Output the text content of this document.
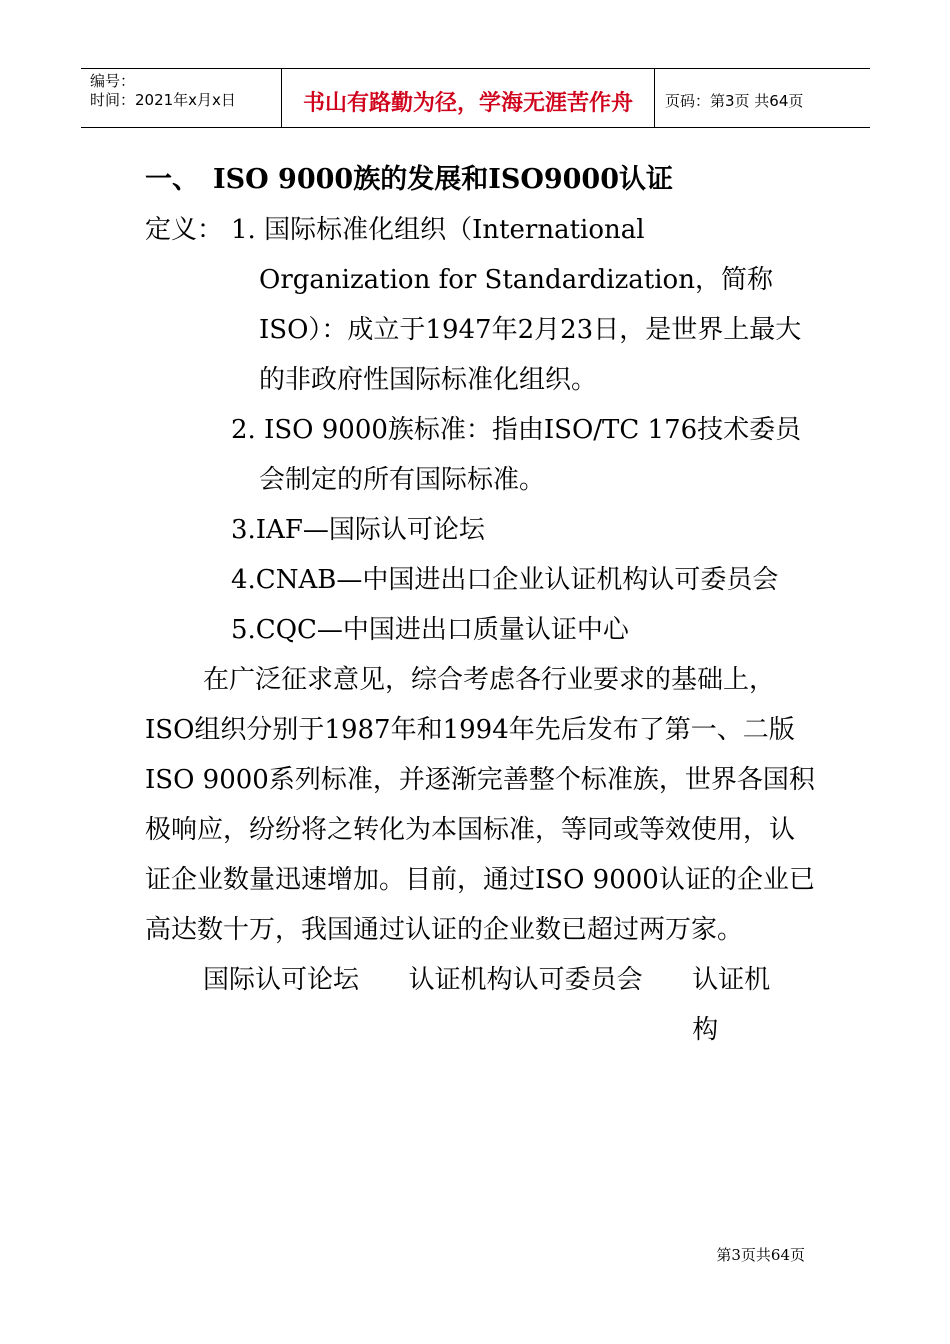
编号：
时间：2021年x月x日	书山有路勤为径，学海无涯苦作舟 页码：第3页 共64页

一、 ISO 9000族的发展和ISO9000认证

定义： 1. 国际标准化组织（International Organization for Standardization，简称ISO）：成立于1947年2月23日，是世界上最大的非政府性国际标准化组织。

2. ISO 9000族标准：指由ISO/TC 176技术委员会制定的所有国际标准。

3.IAF—国际认可论坛

4.CNAB—中国进出口企业认证机构认可委员会

5.CQC—中国进出口质量认证中心

在广泛征求意见，综合考虑各行业要求的基础上，ISO组织分别于1987年和1994年先后发布了第一、二版ISO 9000系列标准，并逐渐完善整个标准族，世界各国积极响应，纷纷将之转化为本国标准，等同或等效使用，认证企业数量迅速增加。目前，通过ISO 9000认证的企业已高达数十万，我国通过认证的企业数已超过两万家。

国际认可论坛 认证机构认可委员会 认证机构

第3页共64页
